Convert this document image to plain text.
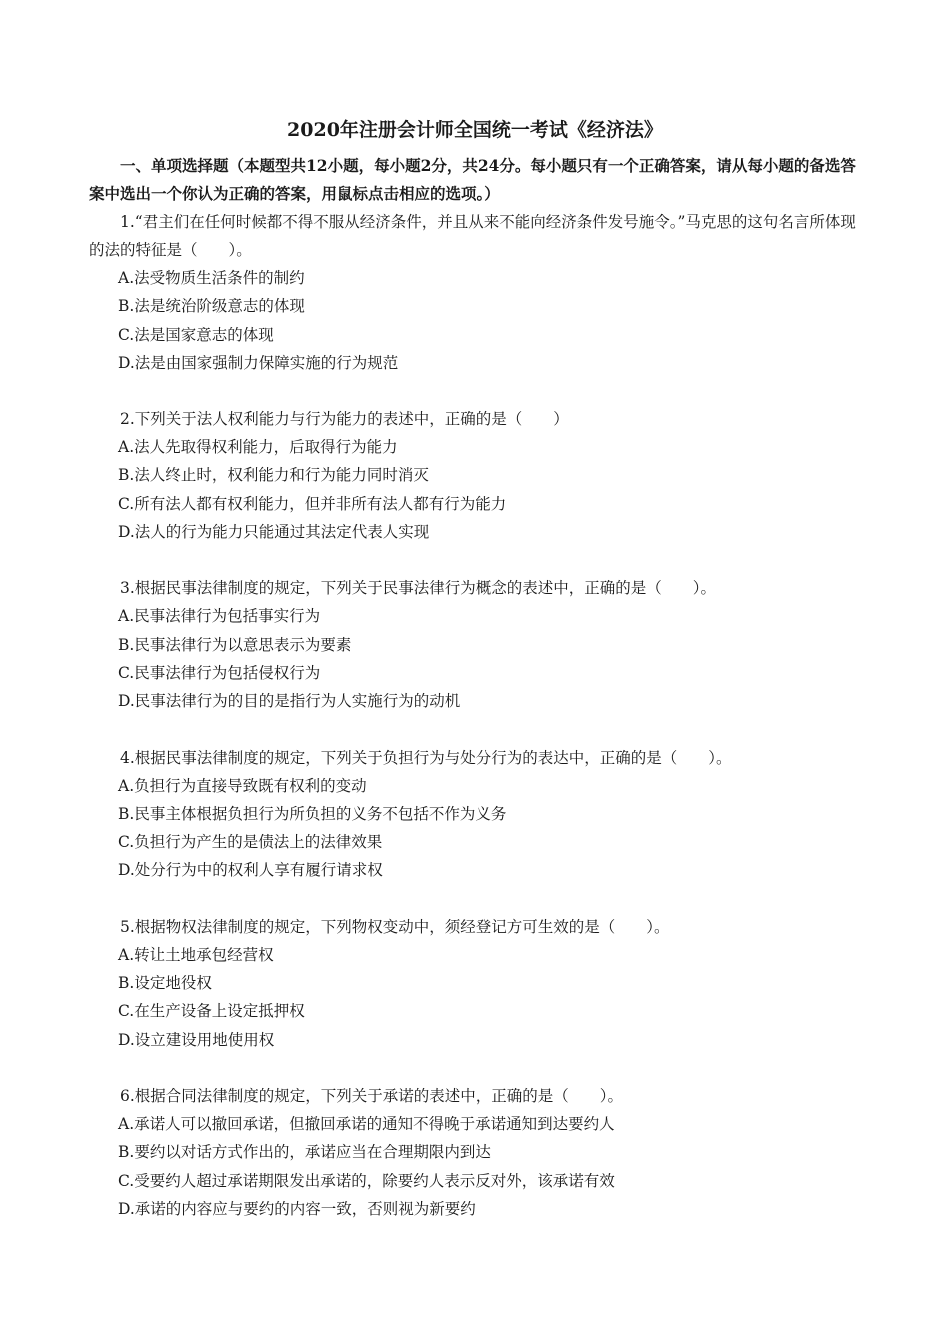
2020年注册会计师全国统一考试《经济法》
一、单项选择题（本题型共12小题，每小题2分，共24分。每小题只有一个正确答案，请从每小题的备选答案中选出一个你认为正确的答案，用鼠标点击相应的选项。）

1.“君主们在任何时候都不得不服从经济条件，并且从来不能向经济条件发号施令。”马克思的这句名言所体现的法的特征是（　　）。

A.法受物质生活条件的制约

B.法是统治阶级意志的体现

C.法是国家意志的体现

D.法是由国家强制力保障实施的行为规范

2.下列关于法人权利能力与行为能力的表述中，正确的是（　　）

A.法人先取得权利能力，后取得行为能力

B.法人终止时，权利能力和行为能力同时消灭

C.所有法人都有权利能力，但并非所有法人都有行为能力

D.法人的行为能力只能通过其法定代表人实现

3.根据民事法律制度的规定，下列关于民事法律行为概念的表述中，正确的是（　　）。

A.民事法律行为包括事实行为

B.民事法律行为以意思表示为要素

C.民事法律行为包括侵权行为

D.民事法律行为的目的是指行为人实施行为的动机

4.根据民事法律制度的规定，下列关于负担行为与处分行为的表达中，正确的是（　　）。

A.负担行为直接导致既有权利的变动

B.民事主体根据负担行为所负担的义务不包括不作为义务

C.负担行为产生的是债法上的法律效果

D.处分行为中的权利人享有履行请求权

5.根据物权法律制度的规定，下列物权变动中，须经登记方可生效的是（　　）。

A.转让土地承包经营权

B.设定地役权

C.在生产设备上设定抵押权

D.设立建设用地使用权

6.根据合同法律制度的规定，下列关于承诺的表述中，正确的是（　　）。

A.承诺人可以撤回承诺，但撤回承诺的通知不得晚于承诺通知到达要约人

B.要约以对话方式作出的，承诺应当在合理期限内到达

C.受要约人超过承诺期限发出承诺的，除要约人表示反对外，该承诺有效

D.承诺的内容应与要约的内容一致，否则视为新要约
